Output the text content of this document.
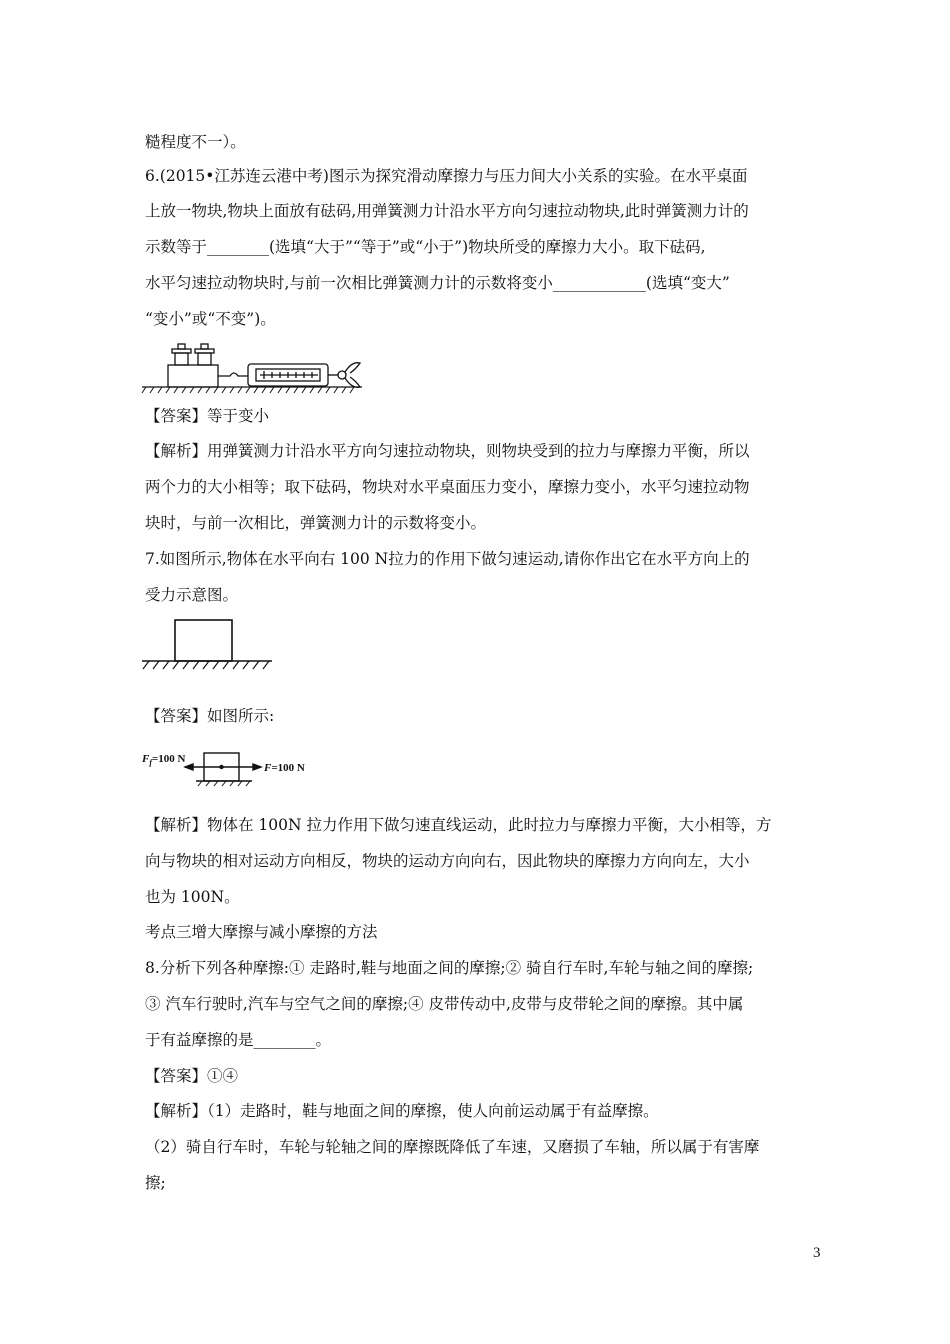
糙程度不一）。
6.(2015•江苏连云港中考)图示为探究滑动摩擦力与压力间大小关系的实验。在水平桌面
上放一物块,物块上面放有砝码,用弹簧测力计沿水平方向匀速拉动物块,此时弹簧测力计的
示数等于________(选填“大于”“等于”或“小于”)物块所受的摩擦力大小。取下砝码,
水平匀速拉动物块时,与前一次相比弹簧测力计的示数将变小____________(选填“变大”
“变小”或“不变”)。
【答案】等于变小
【解析】用弹簧测力计沿水平方向匀速拉动物块，则物块受到的拉力与摩擦力平衡，所以
两个力的大小相等；取下砝码，物块对水平桌面压力变小，摩擦力变小，水平匀速拉动物
块时，与前一次相比，弹簧测力计的示数将变小。
7.如图所示,物体在水平向右 100 N拉力的作用下做匀速运动,请你作出它在水平方向上的
受力示意图。
【答案】如图所示:
$F_f=100$ N
F=100 N
【解析】物体在 100N 拉力作用下做匀速直线运动，此时拉力与摩擦力平衡，大小相等，方
向与物块的相对运动方向相反，物块的运动方向向右，因此物块的摩擦力方向向左，大小
也为 100N。
考点三增大摩擦与减小摩擦的方法
8.分析下列各种摩擦:① 走路时,鞋与地面之间的摩擦;② 骑自行车时,车轮与轴之间的摩擦;
③ 汽车行驶时,汽车与空气之间的摩擦;④ 皮带传动中,皮带与皮带轮之间的摩擦。其中属
于有益摩擦的是________。
【答案】①④
【解析】（1）走路时，鞋与地面之间的摩擦，使人向前运动属于有益摩擦。
（2）骑自行车时，车轮与轮轴之间的摩擦既降低了车速，又磨损了车轴，所以属于有害摩
擦;
3
